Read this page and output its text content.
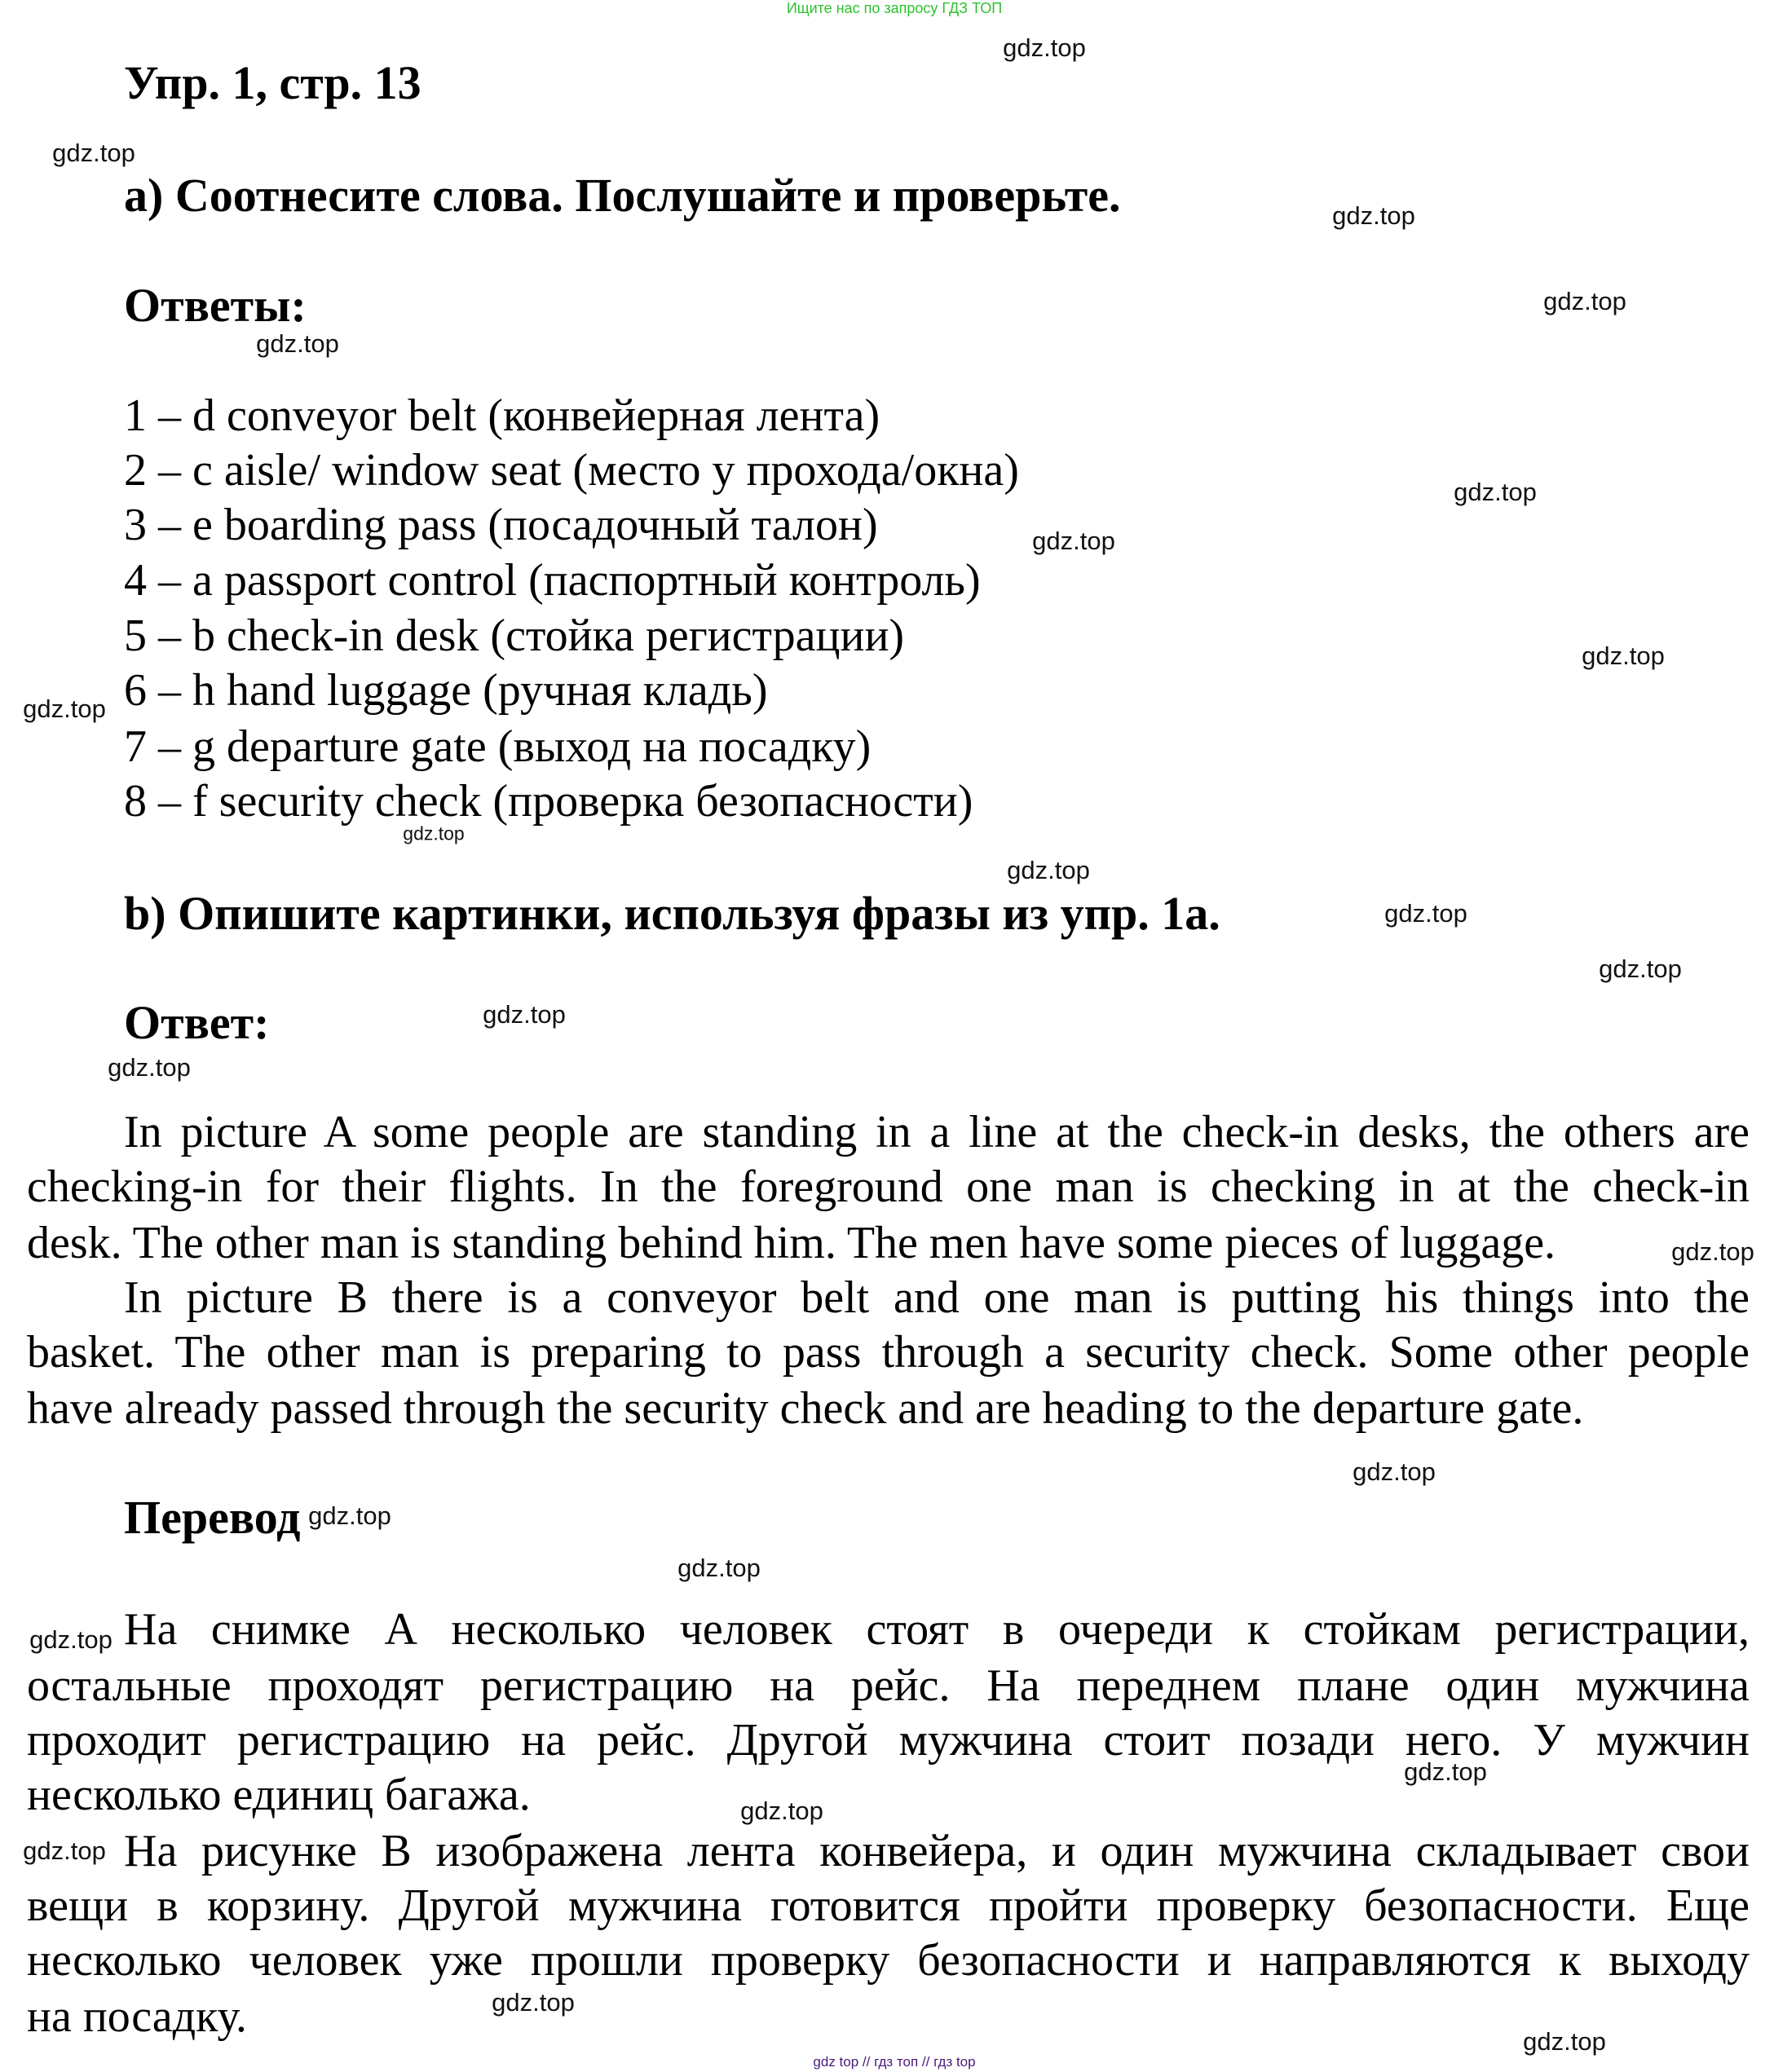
Ищите нас по запросу ГДЗ ТОП
Упр. 1, стр. 13
а) Соотнесите слова. Послушайте и проверьте.
Ответы:
1 – d conveyor belt (конвейерная лента)
2 – c aisle/ window seat (место у прохода/окна)
3 – e boarding pass (посадочный талон)
4 – a passport control (паспортный контроль)
5 – b check-in desk (стойка регистрации)
6 – h hand luggage (ручная кладь)
7 – g departure gate (выход на посадку)
8 – f security check (проверка безопасности)
b) Опишите картинки, используя фразы из упр. 1а.
Ответ:
In picture A some people are standing in a line at the check-in desks, the others are
checking-in for their flights. In the foreground one man is checking in at the check-in
desk. The other man is standing behind him. The men have some pieces of luggage.
In picture B there is a conveyor belt and one man is putting his things into the
basket. The other man is preparing to pass through a security check. Some other people
have already passed through the security check and are heading to the departure gate.
Перевод
На снимке А несколько человек стоят в очереди к стойкам регистрации,
остальные проходят регистрацию на рейс. На переднем плане один мужчина
проходит регистрацию на рейс. Другой мужчина стоит позади него. У мужчин
несколько единиц багажа.
На рисунке В изображена лента конвейера, и один мужчина складывает свои
вещи в корзину. Другой мужчина готовится пройти проверку безопасности. Еще
несколько человек уже прошли проверку безопасности и направляются к выходу
на посадку.
gdz.top
gdz.top
gdz.top
gdz.top
gdz.top
gdz.top
gdz.top
gdz.top
gdz.top
gdz.top
gdz.top
gdz.top
gdz.top
gdz.top
gdz.top
gdz.top
gdz.top
gdz.top
gdz.top
gdz.top
gdz.top
gdz.top
gdz.top
gdz.top
gdz.top
gdz top // гдз топ // гдз top
